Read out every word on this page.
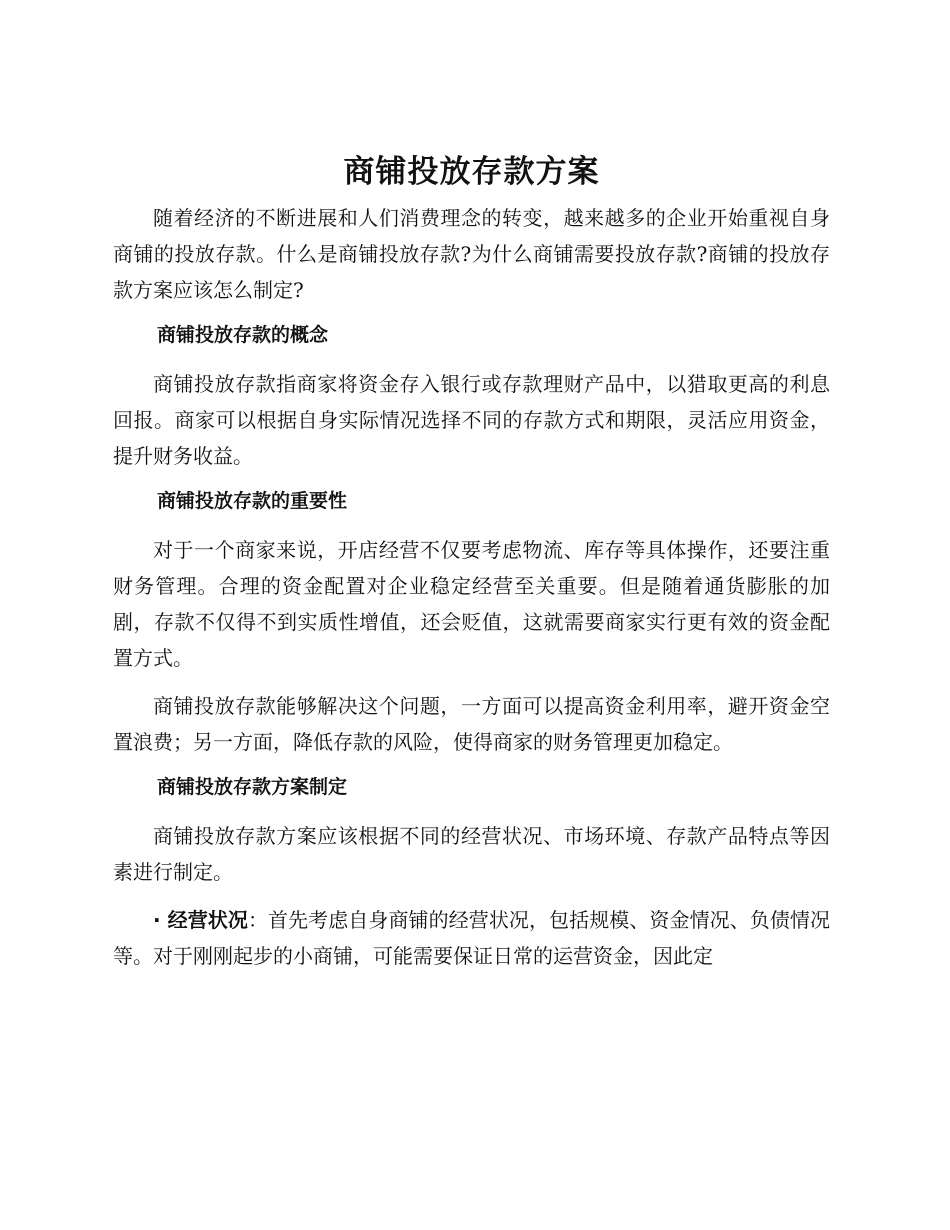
商铺投放存款方案

随着经济的不断进展和人们消费理念的转变，越来越多的企业开始重视自身商铺的投放存款。什么是商铺投放存款?为什么商铺需要投放存款?商铺的投放存款方案应该怎么制定?

商铺投放存款的概念

商铺投放存款指商家将资金存入银行或存款理财产品中，以猎取更高的利息回报。商家可以根据自身实际情况选择不同的存款方式和期限，灵活应用资金，提升财务收益。

商铺投放存款的重要性

对于一个商家来说，开店经营不仅要考虑物流、库存等具体操作，还要注重财务管理。合理的资金配置对企业稳定经营至关重要。但是随着通货膨胀的加剧，存款不仅得不到实质性增值，还会贬值，这就需要商家实行更有效的资金配置方式。

商铺投放存款能够解决这个问题，一方面可以提高资金利用率，避开资金空置浪费；另一方面，降低存款的风险，使得商家的财务管理更加稳定。

商铺投放存款方案制定

商铺投放存款方案应该根据不同的经营状况、市场环境、存款产品特点等因素进行制定。

· 经营状况：首先考虑自身商铺的经营状况，包括规模、资金情况、负债情况等。对于刚刚起步的小商铺，可能需要保证日常的运营资金，因此定
